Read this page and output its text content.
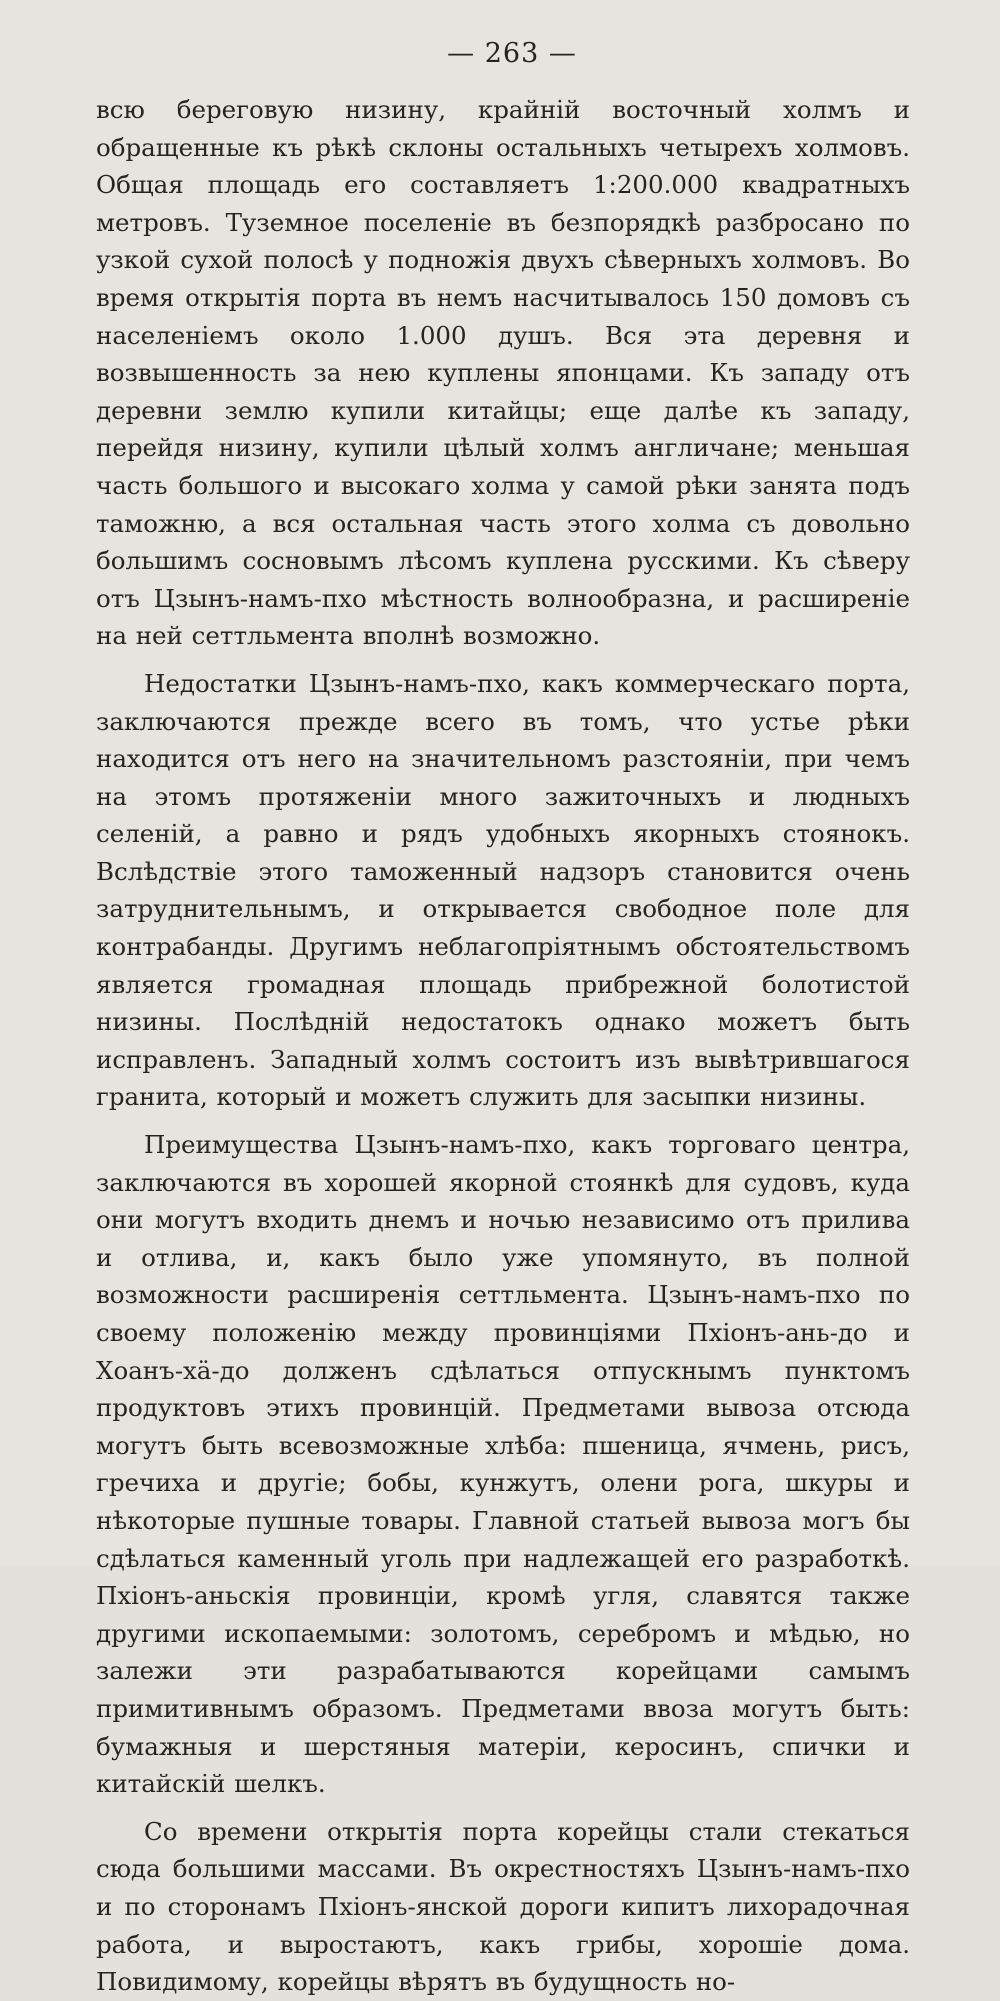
— 263 —

всю береговую низину, крайній восточный холмъ и обращенные къ рѣкѣ склоны остальныхъ четырехъ холмовъ. Общая площадь его составляетъ 1:200.000 квадратныхъ метровъ. Туземное поселеніе въ безпорядкѣ разбросано по узкой сухой полосѣ у подножія двухъ сѣверныхъ холмовъ. Во время открытія порта въ немъ насчитывалось 150 домовъ съ населеніемъ около 1.000 душъ. Вся эта деревня и возвышенность за нею куплены японцами. Къ западу отъ деревни землю купили китайцы; еще далѣе къ западу, перейдя низину, купили цѣлый холмъ англичане; меньшая часть большого и высокаго холма у самой рѣки занята подъ таможню, а вся остальная часть этого холма съ довольно большимъ сосновымъ лѣсомъ куплена русскими. Къ сѣверу отъ Цзынъ-намъ-пхо мѣстность волнообразна, и расширеніе на ней сеттльмента вполнѣ возможно.

Недостатки Цзынъ-намъ-пхо, какъ коммерческаго порта, заключаются прежде всего въ томъ, что устье рѣки находится отъ него на значительномъ разстояніи, при чемъ на этомъ протяженіи много зажиточныхъ и людныхъ селеній, а равно и рядъ удобныхъ якорныхъ стоянокъ. Вслѣдствіе этого таможенный надзоръ становится очень затруднительнымъ, и открывается свободное поле для контрабанды. Другимъ неблагопріятнымъ обстоятельствомъ является громадная площадь прибрежной болотистой низины. Послѣдній недостатокъ однако можетъ быть исправленъ. Западный холмъ состоитъ изъ вывѣтрившагося гранита, который и можетъ служить для засыпки низины.

Преимущества Цзынъ-намъ-пхо, какъ торговаго центра, заключаются въ хорошей якорной стоянкѣ для судовъ, куда они могутъ входить днемъ и ночью независимо отъ прилива и отлива, и, какъ было уже упомянуто, въ полной возможности расширенія сеттльмента. Цзынъ-намъ-пхо по своему положенію между провинціями Пхіонъ-ань-до и Хоанъ-хä-до долженъ сдѣлаться отпускнымъ пунктомъ продуктовъ этихъ провинцій. Предметами вывоза отсюда могутъ быть всевозможные хлѣба: пшеница, ячмень, рисъ, гречиха и другіе; бобы, кунжутъ, олени рога, шкуры и нѣкоторые пушные товары. Главной статьей вывоза могъ бы сдѣлаться каменный уголь при надлежащей его разработкѣ. Пхіонъ-аньскія провинціи, кромѣ угля, славятся также другими ископаемыми: золотомъ, серебромъ и мѣдью, но залежи эти разрабатываются корейцами самымъ примитивнымъ образомъ. Предметами ввоза могутъ быть: бумажныя и шерстяныя матеріи, керосинъ, спички и китайскій шелкъ.

Со времени открытія порта корейцы стали стекаться сюда большими массами. Въ окрестностяхъ Цзынъ-намъ-пхо и по сторонамъ Пхіонъ-янской дороги кипитъ лихорадочная работа, и выростаютъ, какъ грибы, хорошіе дома. Повидимому, корейцы вѣрятъ въ будущность но-
